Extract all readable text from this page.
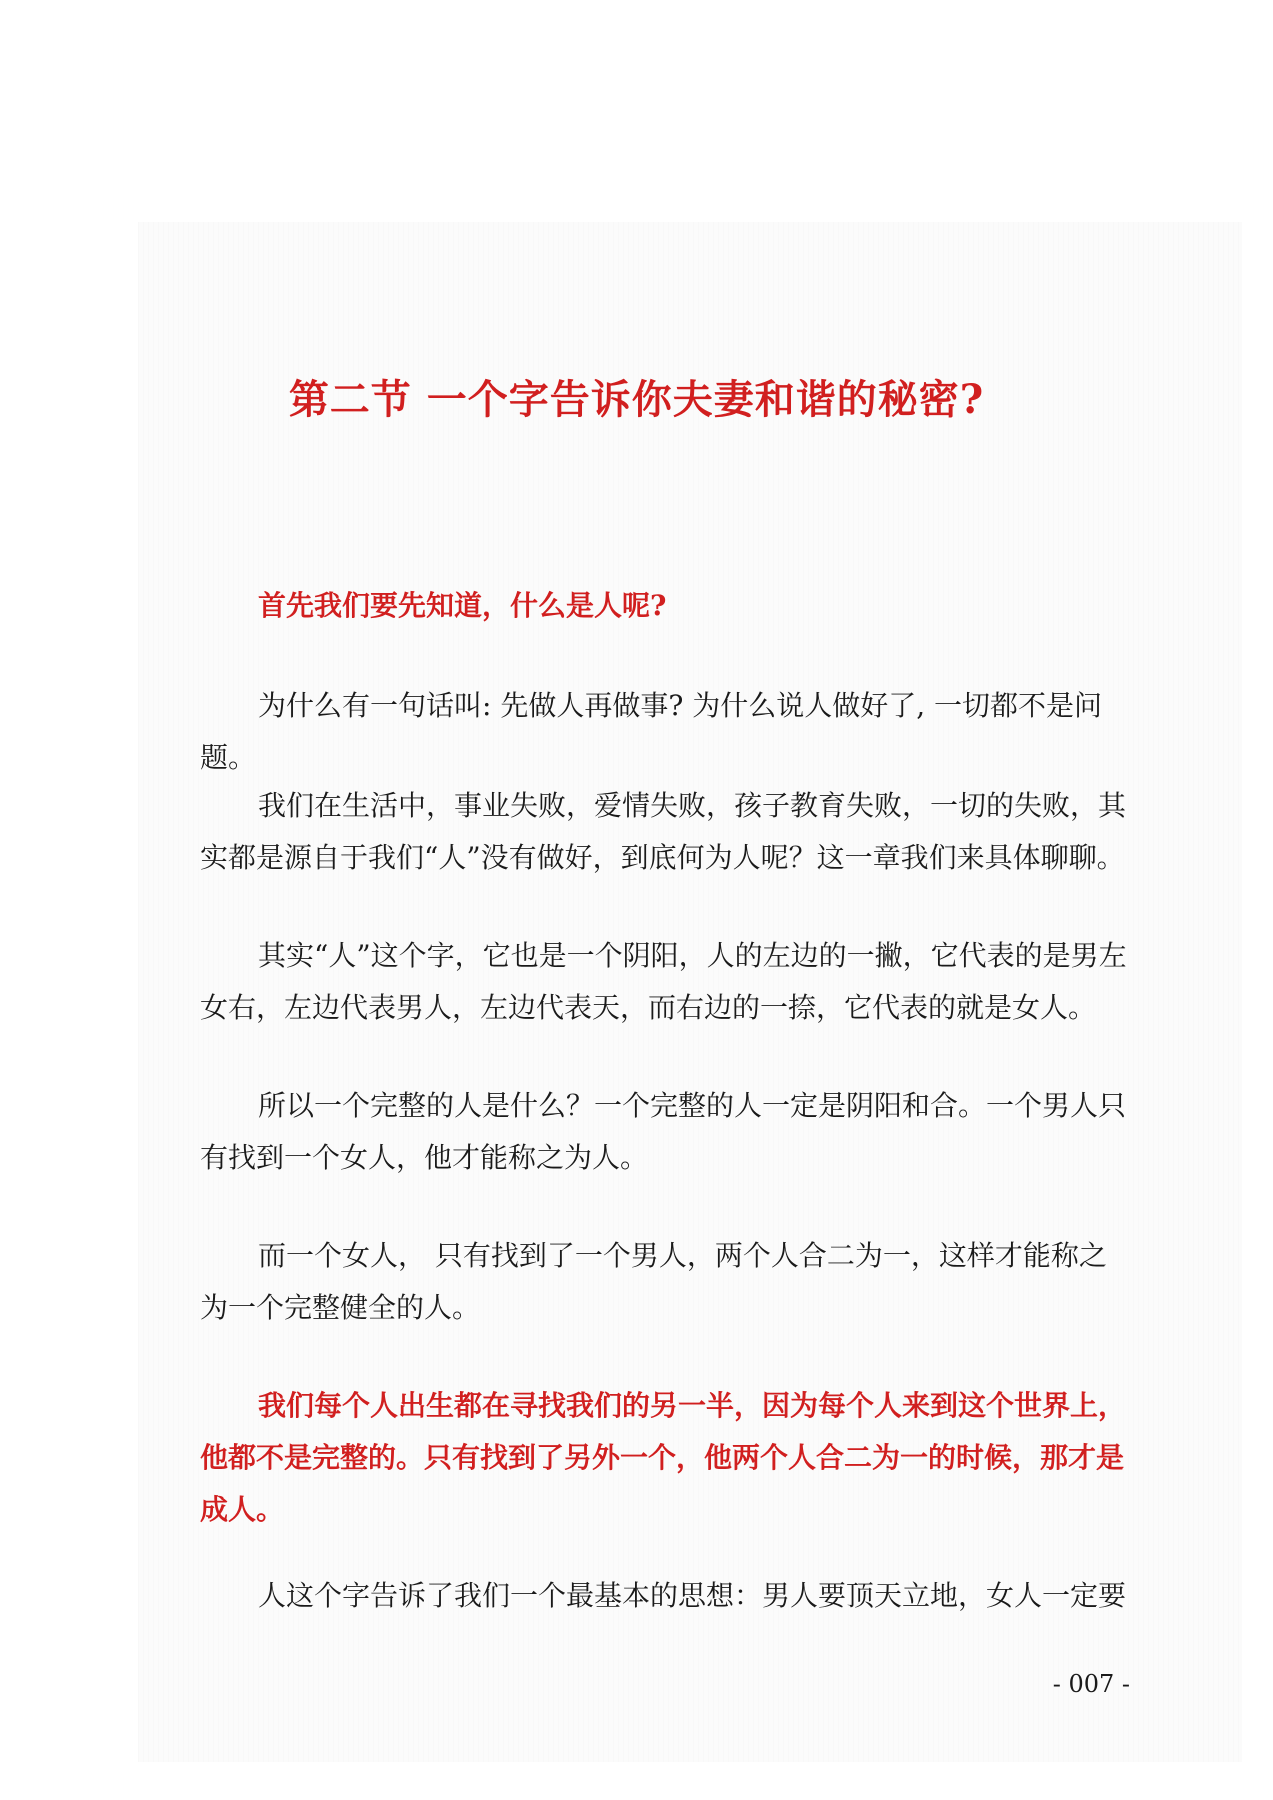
第二节 一个字告诉你夫妻和谐的秘密?
首先我们要先知道，什么是人呢?
为什么有一句话叫: 先做人再做事? 为什么说人做好了, 一切都不是问题。
我们在生活中，事业失败，爱情失败，孩子教育失败，一切的失败，其实都是源自于我们“人”没有做好，到底何为人呢？这一章我们来具体聊聊。
其实“人”这个字，它也是一个阴阳，人的左边的一撇，它代表的是男左女右，左边代表男人，左边代表天，而右边的一捺，它代表的就是女人。
所以一个完整的人是什么？一个完整的人一定是阴阳和合。一个男人只有找到一个女人，他才能称之为人。
而一个女人， 只有找到了一个男人，两个人合二为一，这样才能称之为一个完整健全的人。
我们每个人出生都在寻找我们的另一半，因为每个人来到这个世界上，他都不是完整的。只有找到了另外一个，他两个人合二为一的时候，那才是成人。
人这个字告诉了我们一个最基本的思想：男人要顶天立地，女人一定要
- 007 -
